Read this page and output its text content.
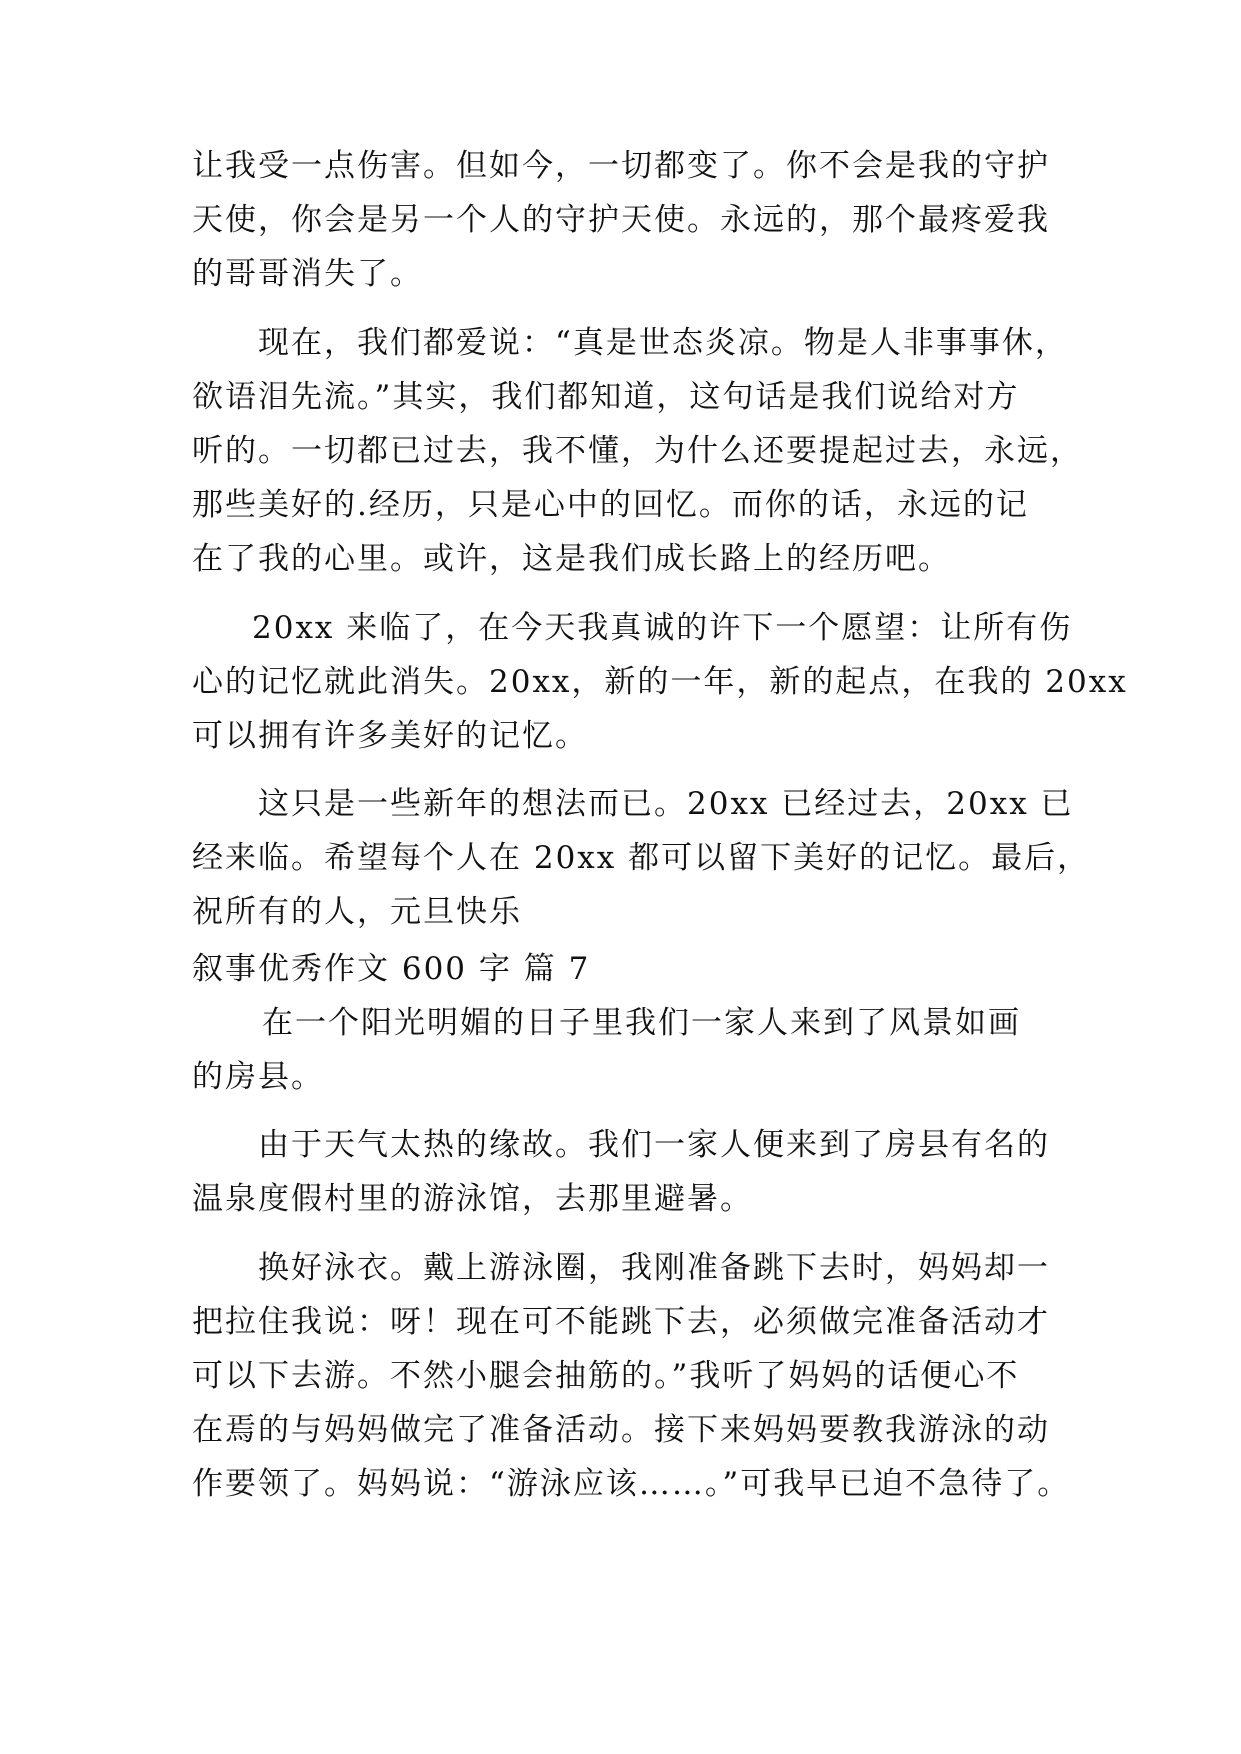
让我受一点伤害。但如今，一切都变了。你不会是我的守护
天使，你会是另一个人的守护天使。永远的，那个最疼爱我
的哥哥消失了。
现在，我们都爱说：“真是世态炎凉。物是人非事事休，
欲语泪先流。”其实，我们都知道，这句话是我们说给对方
听的。一切都已过去，我不懂，为什么还要提起过去，永远，
那些美好的.经历，只是心中的回忆。而你的话，永远的记
在了我的心里。或许，这是我们成长路上的经历吧。
20xx 来临了，在今天我真诚的许下一个愿望：让所有伤
心的记忆就此消失。20xx，新的一年，新的起点，在我的 20xx
可以拥有许多美好的记忆。
这只是一些新年的想法而已。20xx 已经过去，20xx 已
经来临。希望每个人在 20xx 都可以留下美好的记忆。最后，
祝所有的人，元旦快乐
叙事优秀作文 600 字 篇 7
在一个阳光明媚的日子里我们一家人来到了风景如画
的房县。
由于天气太热的缘故。我们一家人便来到了房县有名的
温泉度假村里的游泳馆，去那里避暑。
换好泳衣。戴上游泳圈，我刚准备跳下去时，妈妈却一
把拉住我说：呀！现在可不能跳下去，必须做完准备活动才
可以下去游。不然小腿会抽筋的。”我听了妈妈的话便心不
在焉的与妈妈做完了准备活动。接下来妈妈要教我游泳的动
作要领了。妈妈说：“游泳应该……。”可我早已迫不急待了。
